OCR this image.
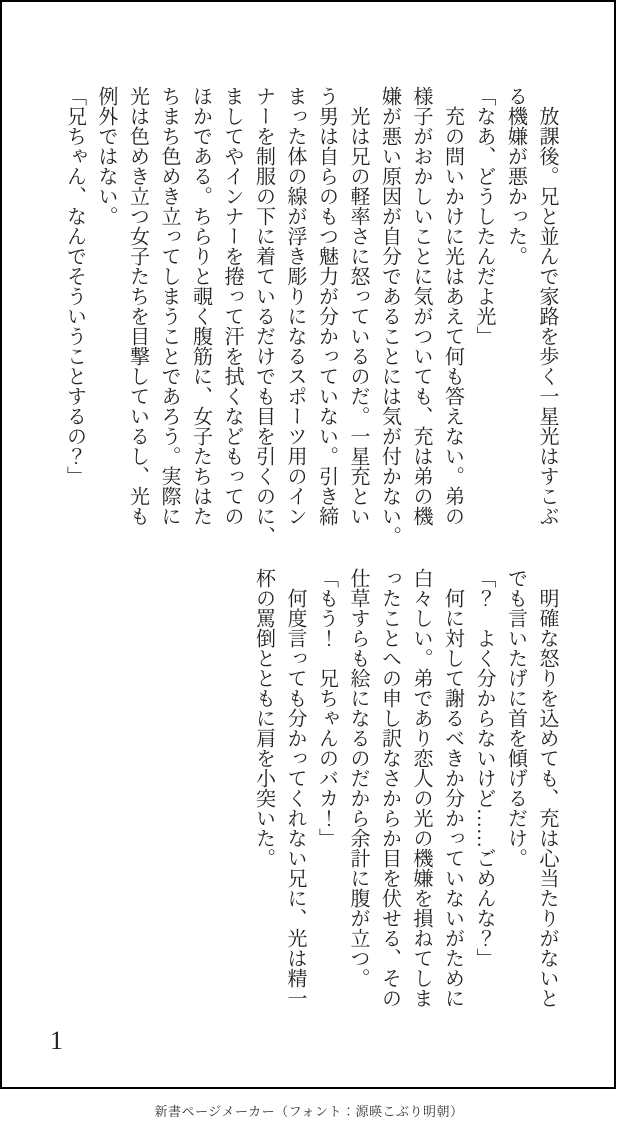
　放課後。兄と並んで家路を歩く一星光はすこぶ
る機嫌が悪かった。

「なあ、どうしたんだよ光」

　充の問いかけに光はあえて何も答えない。弟の
様子がおかしいことに気がついても、充は弟の機
嫌が悪い原因が自分であることには気が付かない。

　光は兄の軽率さに怒っているのだ。一星充とい
う男は自らのもつ魅力が分かっていない。引き締
まった体の線が浮き彫りになるスポーツ用のイン
ナーを制服の下に着ているだけでも目を引くのに、
ましてやインナーを捲って汗を拭くなどもっての
ほかである。ちらりと覗く腹筋に、女子たちはた
ちまち色めき立ってしまうことであろう。実際に
光は色めき立つ女子たちを目撃しているし、光も
例外ではない。

「兄ちゃん、なんでそういうことするの？」

　明確な怒りを込めても、充は心当たりがないと
でも言いたげに首を傾げるだけ。

「？　よく分からないけど……ごめんな？」

　何に対して謝るべきか分かっていないがために
白々しい。弟であり恋人の光の機嫌を損ねてしま
ったことへの申し訳なさからか目を伏せる、その
仕草すらも絵になるのだから余計に腹が立つ。

「もう！　兄ちゃんのバカ！」

　何度言っても分かってくれない兄に、光は精一
杯の罵倒とともに肩を小突いた。

1
新書ページメーカー（フォント：源暎こぶり明朝）
